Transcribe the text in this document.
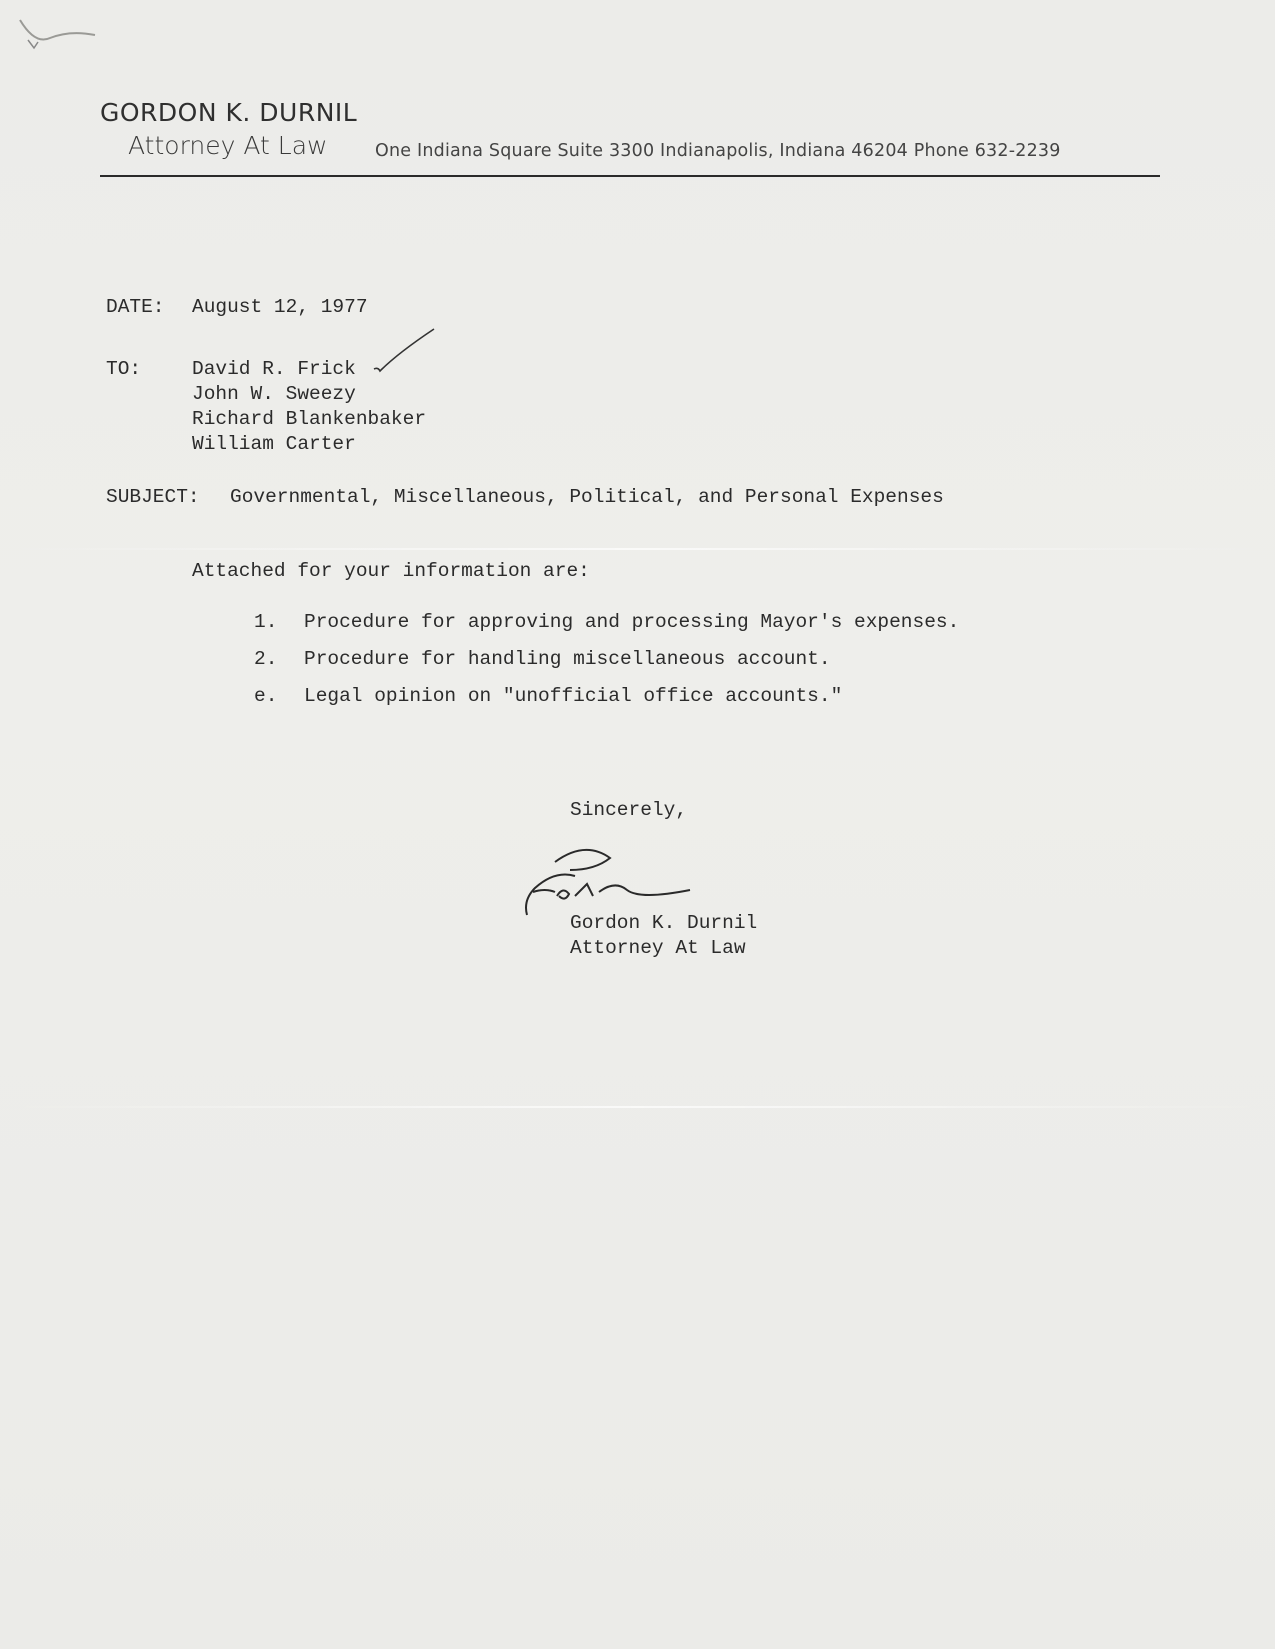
GORDON K. DURNIL
Attorney At Law	One Indiana Square Suite 3300 Indianapolis, Indiana 46204 Phone 632-2239
DATE: August 12, 1977
TO:	David R. Frick
John W. Sweezy
Richard Blankenbaker
William Carter
SUBJECT: Governmental, Miscellaneous, Political, and Personal Expenses
Attached for your information are:
1. Procedure for approving and processing Mayor's expenses.
2. Procedure for handling miscellaneous account.
e. Legal opinion on "unofficial office accounts."
Sincerely,
Gordon K. Durnil
Attorney At Law
